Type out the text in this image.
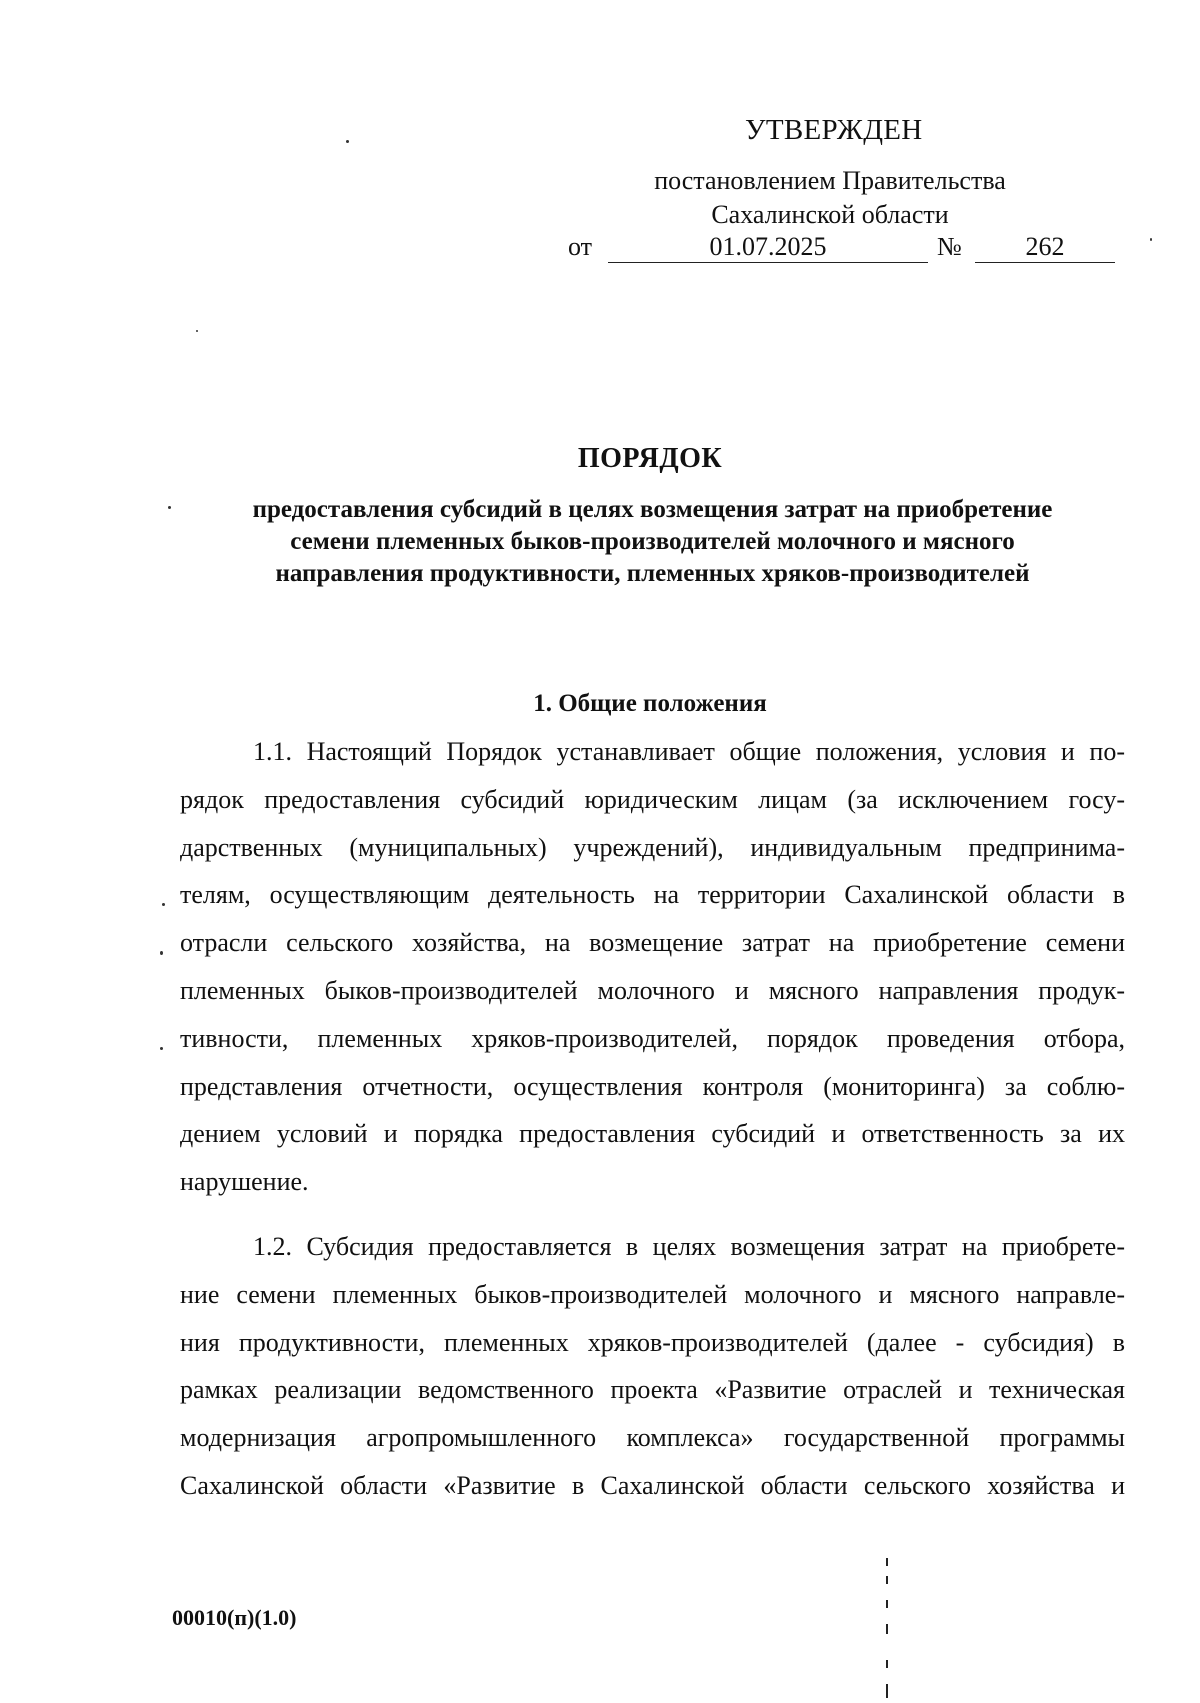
УТВЕРЖДЕН
постановлением Правительства
Сахалинской области
от	01.07.2025	№	262
ПОРЯДОК
предоставления субсидий в целях возмещения затрат на приобретение
семени племенных быков-производителей молочного и мясного
направления продуктивности, племенных хряков-производителей
1. Общие положения
1.1. Настоящий Порядок устанавливает общие положения, условия и по-
рядок предоставления субсидий юридическим лицам (за исключением госу-
дарственных (муниципальных) учреждений), индивидуальным предпринима-
телям, осуществляющим деятельность на территории Сахалинской области в
отрасли сельского хозяйства, на возмещение затрат на приобретение семени
племенных быков-производителей молочного и мясного направления продук-
тивности, племенных хряков-производителей, порядок проведения отбора,
представления отчетности, осуществления контроля (мониторинга) за соблю-
дением условий и порядка предоставления субсидий и ответственность за их
нарушение.
1.2. Субсидия предоставляется в целях возмещения затрат на приобрете-
ние семени племенных быков-производителей молочного и мясного направле-
ния продуктивности, племенных хряков-производителей (далее - субсидия) в
рамках реализации ведомственного проекта «Развитие отраслей и техническая
модернизация агропромышленного комплекса» государственной программы
Сахалинской области «Развитие в Сахалинской области сельского хозяйства и
00010(п)(1.0)
